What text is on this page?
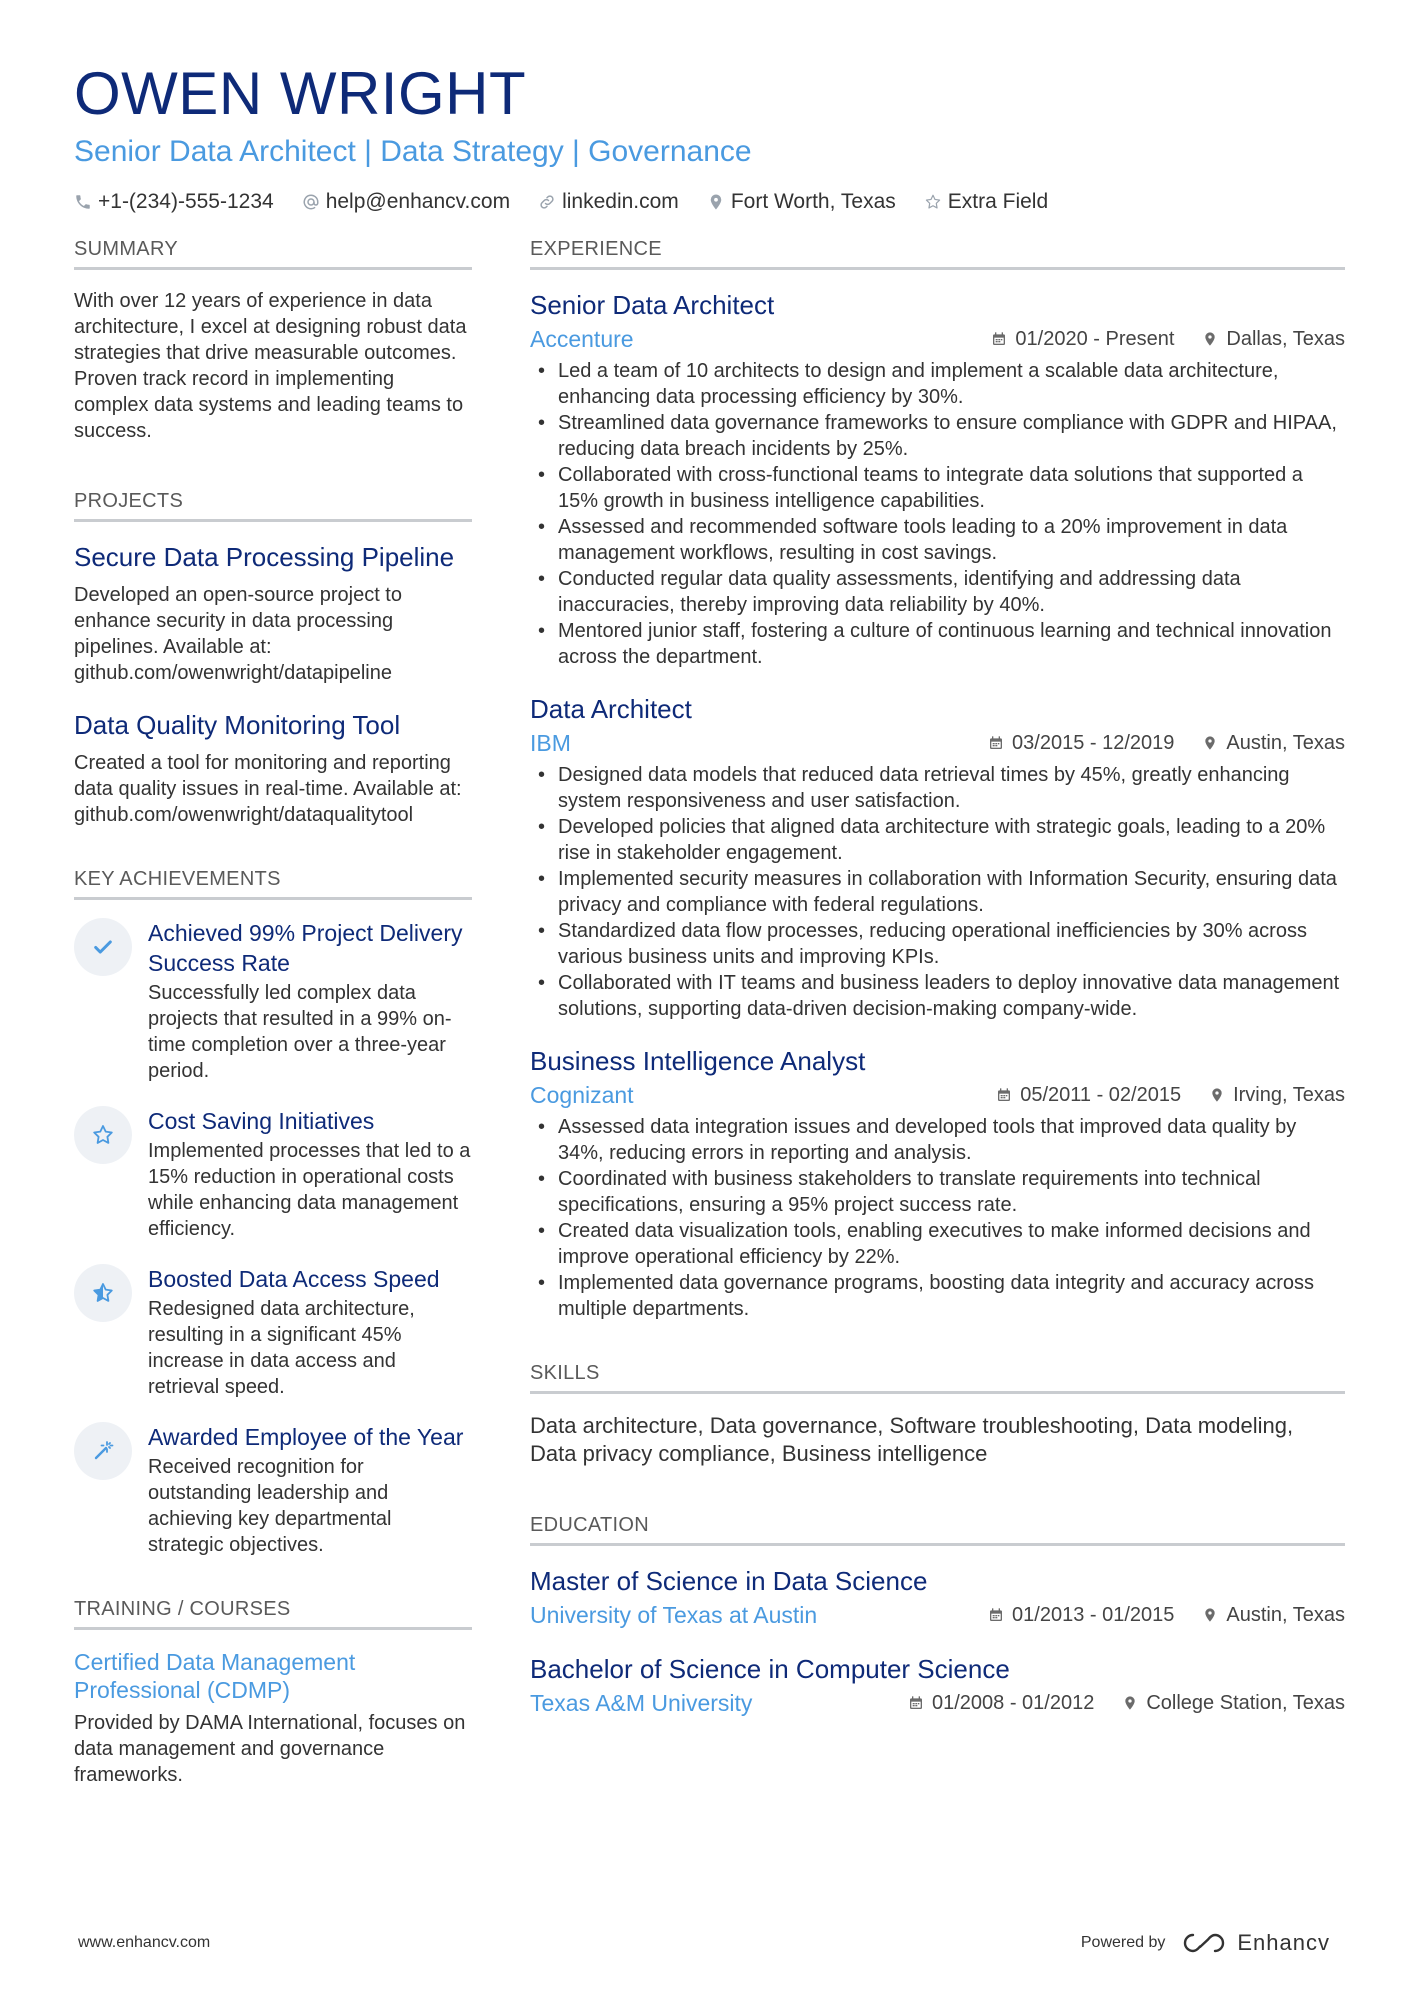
OWEN WRIGHT
Senior Data Architect | Data Strategy | Governance
+1-(234)-555-1234 help@enhancv.com linkedin.com Fort Worth, Texas Extra Field
SUMMARY
With over 12 years of experience in data architecture, I excel at designing robust data strategies that drive measurable outcomes. Proven track record in implementing complex data systems and leading teams to success.
PROJECTS
Secure Data Processing Pipeline
Developed an open-source project to enhance security in data processing pipelines. Available at: github.com/owenwright/datapipeline
Data Quality Monitoring Tool
Created a tool for monitoring and reporting data quality issues in real-time. Available at: github.com/owenwright/dataqualitytool
KEY ACHIEVEMENTS
Achieved 99% Project Delivery Success Rate
Successfully led complex data projects that resulted in a 99% on-time completion over a three-year period.
Cost Saving Initiatives
Implemented processes that led to a 15% reduction in operational costs while enhancing data management efficiency.
Boosted Data Access Speed
Redesigned data architecture, resulting in a significant 45% increase in data access and retrieval speed.
Awarded Employee of the Year
Received recognition for outstanding leadership and achieving key departmental strategic objectives.
TRAINING / COURSES
Certified Data Management Professional (CDMP)
Provided by DAMA International, focuses on data management and governance frameworks.
EXPERIENCE
Senior Data Architect
Accenture	01/2020 - Present	Dallas, Texas
• Led a team of 10 architects to design and implement a scalable data architecture, enhancing data processing efficiency by 30%.
• Streamlined data governance frameworks to ensure compliance with GDPR and HIPAA, reducing data breach incidents by 25%.
• Collaborated with cross-functional teams to integrate data solutions that supported a 15% growth in business intelligence capabilities.
• Assessed and recommended software tools leading to a 20% improvement in data management workflows, resulting in cost savings.
• Conducted regular data quality assessments, identifying and addressing data inaccuracies, thereby improving data reliability by 40%.
• Mentored junior staff, fostering a culture of continuous learning and technical innovation across the department.
Data Architect
IBM	03/2015 - 12/2019	Austin, Texas
• Designed data models that reduced data retrieval times by 45%, greatly enhancing system responsiveness and user satisfaction.
• Developed policies that aligned data architecture with strategic goals, leading to a 20% rise in stakeholder engagement.
• Implemented security measures in collaboration with Information Security, ensuring data privacy and compliance with federal regulations.
• Standardized data flow processes, reducing operational inefficiencies by 30% across various business units and improving KPIs.
• Collaborated with IT teams and business leaders to deploy innovative data management solutions, supporting data-driven decision-making company-wide.
Business Intelligence Analyst
Cognizant	05/2011 - 02/2015	Irving, Texas
• Assessed data integration issues and developed tools that improved data quality by 34%, reducing errors in reporting and analysis.
• Coordinated with business stakeholders to translate requirements into technical specifications, ensuring a 95% project success rate.
• Created data visualization tools, enabling executives to make informed decisions and improve operational efficiency by 22%.
• Implemented data governance programs, boosting data integrity and accuracy across multiple departments.
SKILLS
Data architecture, Data governance, Software troubleshooting, Data modeling, Data privacy compliance, Business intelligence
EDUCATION
Master of Science in Data Science
University of Texas at Austin	01/2013 - 01/2015	Austin, Texas
Bachelor of Science in Computer Science
Texas A&M University	01/2008 - 01/2012	College Station, Texas
www.enhancv.com	Powered by	Enhancv
